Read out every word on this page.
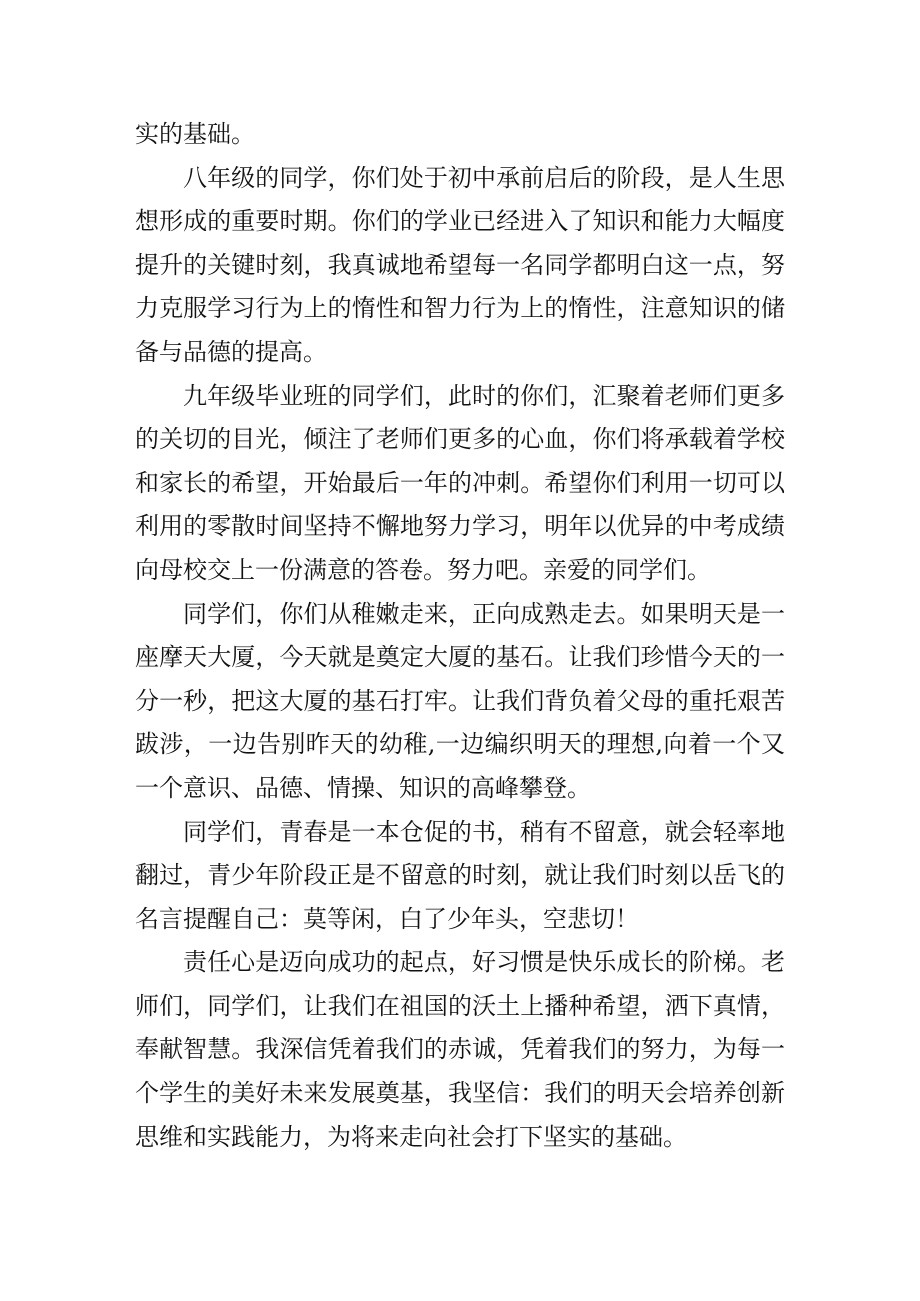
实的基础。

八年级的同学，你们处于初中承前启后的阶段，是人生思想形成的重要时期。你们的学业已经进入了知识和能力大幅度提升的关键时刻，我真诚地希望每一名同学都明白这一点，努力克服学习行为上的惰性和智力行为上的惰性，注意知识的储备与品德的提高。

九年级毕业班的同学们，此时的你们，汇聚着老师们更多的关切的目光，倾注了老师们更多的心血，你们将承载着学校和家长的希望，开始最后一年的冲刺。希望你们利用一切可以利用的零散时间坚持不懈地努力学习，明年以优异的中考成绩向母校交上一份满意的答卷。努力吧。亲爱的同学们。

同学们，你们从稚嫩走来，正向成熟走去。如果明天是一座摩天大厦，今天就是奠定大厦的基石。让我们珍惜今天的一分一秒，把这大厦的基石打牢。让我们背负着父母的重托艰苦跋涉，一边告别昨天的幼稚,一边编织明天的理想,向着一个又一个意识、品德、情操、知识的高峰攀登。

同学们，青春是一本仓促的书，稍有不留意，就会轻率地翻过，青少年阶段正是不留意的时刻，就让我们时刻以岳飞的名言提醒自己：莫等闲，白了少年头，空悲切！

责任心是迈向成功的起点，好习惯是快乐成长的阶梯。老师们，同学们，让我们在祖国的沃土上播种希望，洒下真情，奉献智慧。我深信凭着我们的赤诚，凭着我们的努力，为每一个学生的美好未来发展奠基，我坚信：我们的明天会培养创新思维和实践能力，为将来走向社会打下坚实的基础。
